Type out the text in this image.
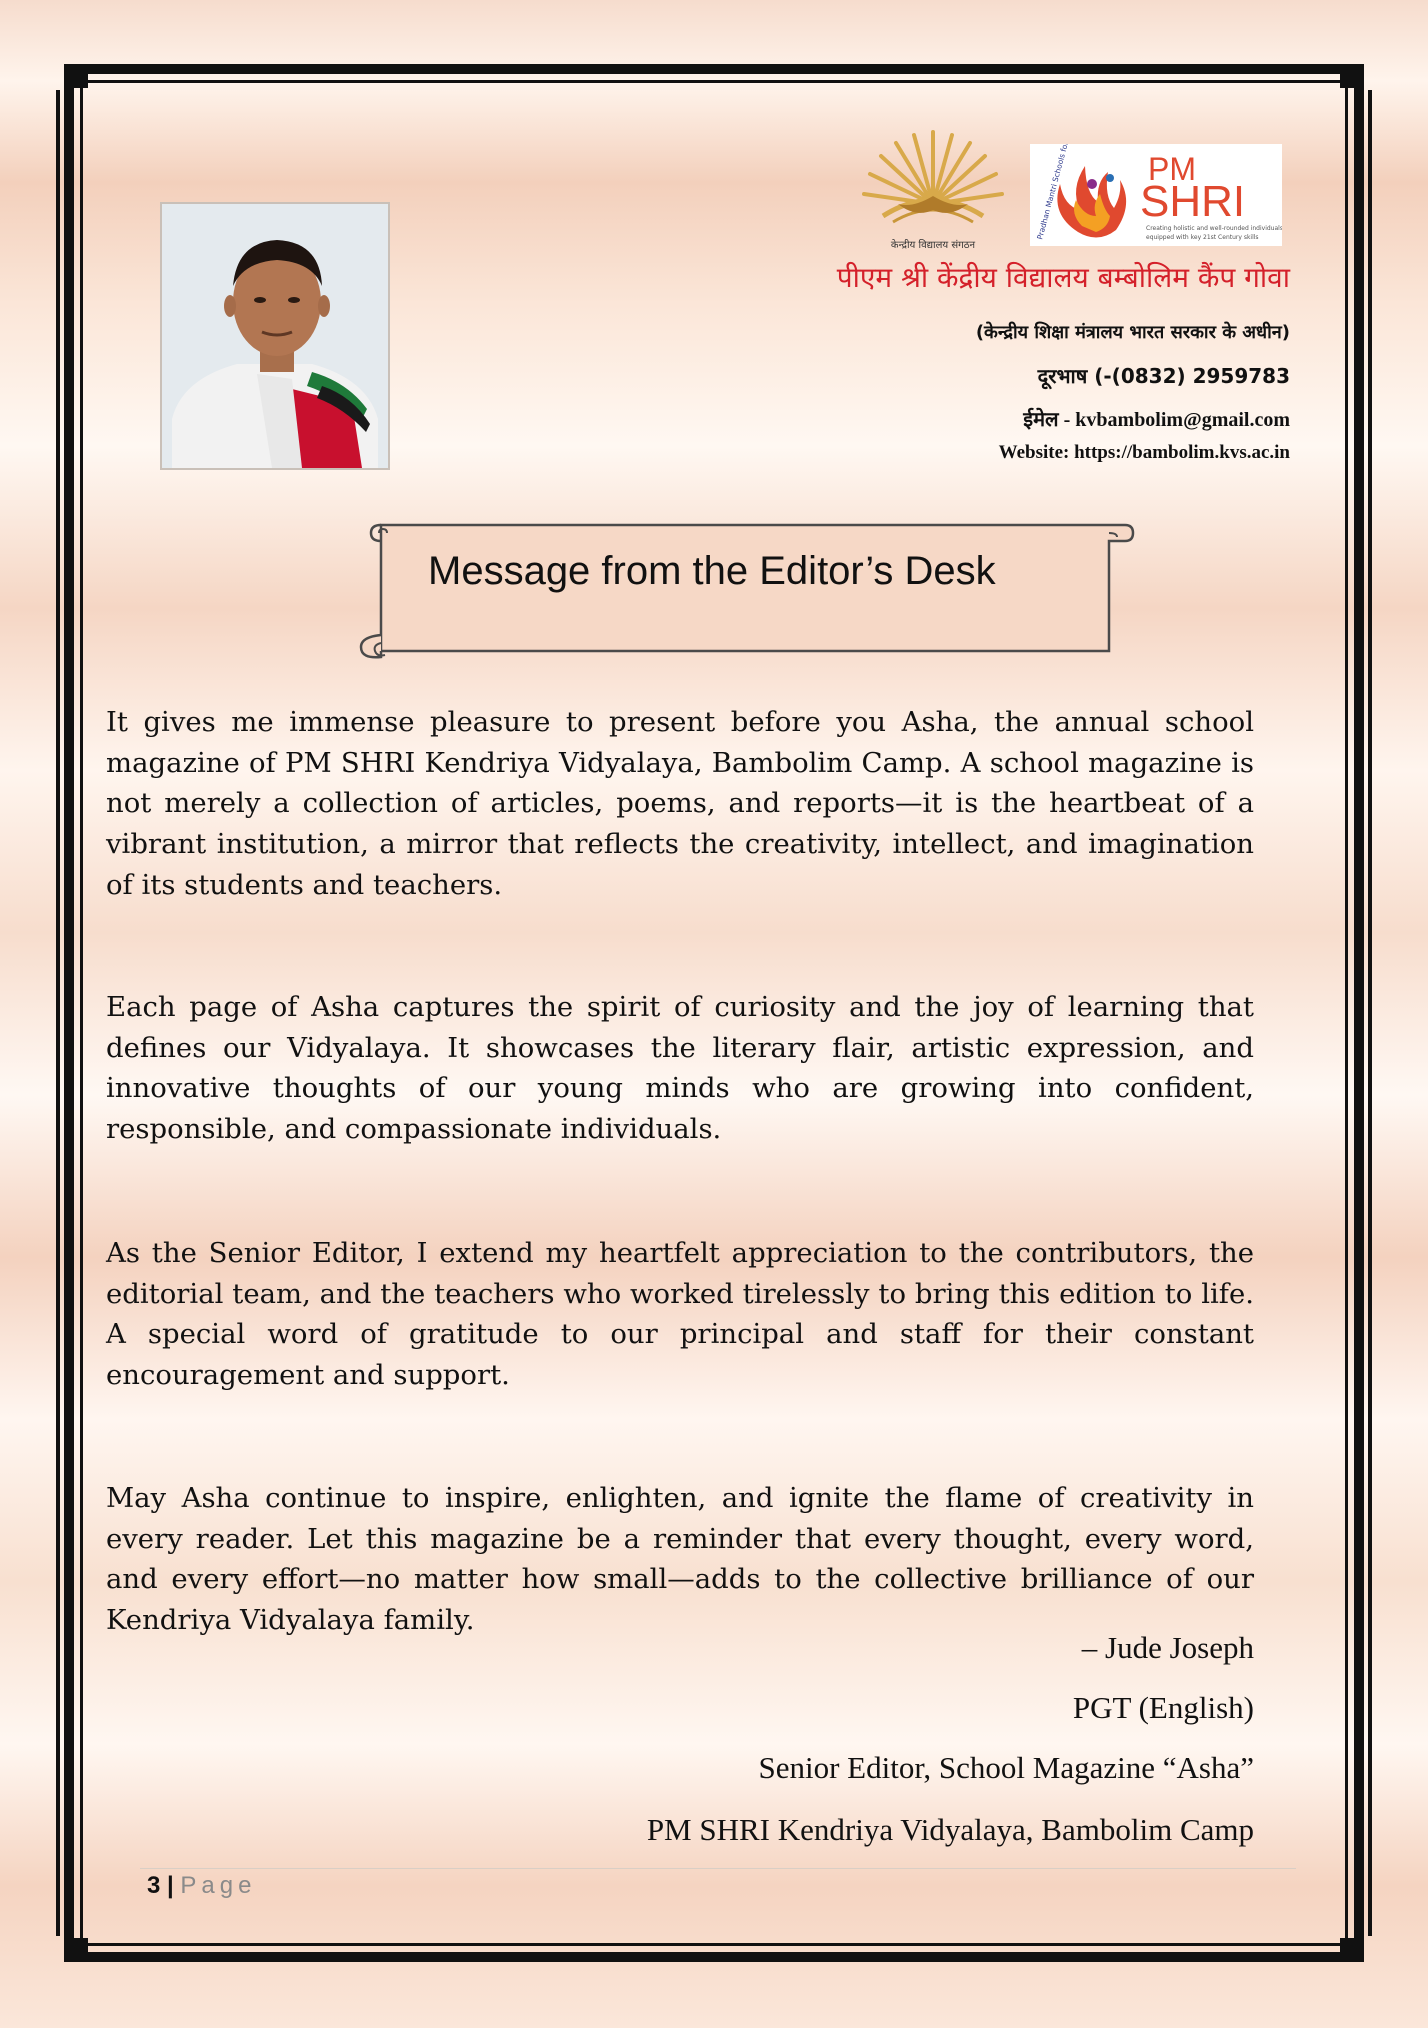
केन्द्रीय विद्यालय संगठन
Pradhan Mantri Schools for
PM
SHRI
Creating holistic and well-rounded individuals
equipped with key 21st Century skills
पीएम श्री केंद्रीय विद्यालय बम्बोलिम कैंप गोवा
(केन्द्रीय शिक्षा मंत्रालय भारत सरकार के अधीन)
दूरभाष (-(0832) 2959783
ईमेल - kvbambolim@gmail.com
Website: https://bambolim.kvs.ac.in
Message from the Editor’s Desk
It gives me immense pleasure to present before you Asha, the annual school magazine of PM SHRI Kendriya Vidyalaya, Bambolim Camp. A school magazine is not merely a collection of articles, poems, and reports—it is the heartbeat of a vibrant institution, a mirror that reflects the creativity, intellect, and imagination of its students and teachers.
Each page of Asha captures the spirit of curiosity and the joy of learning that defines our Vidyalaya. It showcases the literary flair, artistic expression, and innovative thoughts of our young minds who are growing into confident, responsible, and compassionate individuals.
As the Senior Editor, I extend my heartfelt appreciation to the contributors, the editorial team, and the teachers who worked tirelessly to bring this edition to life. A special word of gratitude to our principal and staff for their constant encouragement and support.
May Asha continue to inspire, enlighten, and ignite the flame of creativity in every reader. Let this magazine be a reminder that every thought, every word, and every effort—no matter how small—adds to the collective brilliance of our Kendriya Vidyalaya family.
– Jude Joseph
PGT (English)
Senior Editor, School Magazine “Asha”
PM SHRI Kendriya Vidyalaya, Bambolim Camp
3 | Page
